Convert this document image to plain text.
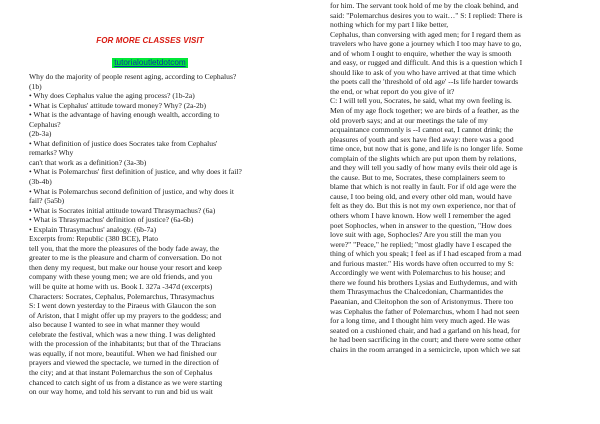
FOR MORE CLASSES VISIT
tutorialoutletdotcom
Why do the majority of people resent aging, according to Cephalus?
(1b)
• Why does Cephalus value the aging process? (1b-2a)
• What is Cephalus' attitude toward money? Why? (2a-2b)
• What is the advantage of having enough wealth, according to
Cephalus?
(2b-3a)
• What definition of justice does Socrates take from Cephalus'
remarks? Why
can't that work as a definition? (3a-3b)
• What is Polemarchus' first definition of justice, and why does it fail?
(3b-4b)
• What is Polemarchus second definition of justice, and why does it
fail? (5a5b)
• What is Socrates initial attitude toward Thrasymachus? (6a)
• What is Thrasymachus' definition of justice? (6a-6b)
• Explain Thrasymachus' analogy. (6b-7a)
Excerpts from: Republic (380 BCE), Plato
tell you, that the more the pleasures of the body fade away, the
greater to me is the pleasure and charm of conversation. Do not
then deny my request, but make our house your resort and keep
company with these young men; we are old friends, and you
will be quite at home with us. Book I. 327a -347d (excerpts)
Characters: Socrates, Cephalus, Polemarchus, Thrasymachus
S: I went down yesterday to the Piraeus with Glaucon the son
of Ariston, that I might offer up my prayers to the goddess; and
also because I wanted to see in what manner they would
celebrate the festival, which was a new thing. I was delighted
with the procession of the inhabitants; but that of the Thracians
was equally, if not more, beautiful. When we had finished our
prayers and viewed the spectacle, we turned in the direction of
the city; and at that instant Polemarchus the son of Cephalus
chanced to catch sight of us from a distance as we were starting
on our way home, and told his servant to run and bid us wait
for him. The servant took hold of me by the cloak behind, and
said: "Polemarchus desires you to wait…" S: I replied: There is
nothing which for my part I like better,
Cephalus, than conversing with aged men; for I regard them as
travelers who have gone a journey which I too may have to go,
and of whom I ought to enquire, whether the way is smooth
and easy, or rugged and difficult. And this is a question which I
should like to ask of you who have arrived at that time which
the poets call the 'threshold of old age' --Is life harder towards
the end, or what report do you give of it?
C: I will tell you, Socrates, he said, what my own feeling is.
Men of my age flock together; we are birds of a feather, as the
old proverb says; and at our meetings the tale of my
acquaintance commonly is --I cannot eat, I cannot drink; the
pleasures of youth and sex have fled away: there was a good
time once, but now that is gone, and life is no longer life. Some
complain of the slights which are put upon them by relations,
and they will tell you sadly of how many evils their old age is
the cause. But to me, Socrates, these complainers seem to
blame that which is not really in fault. For if old age were the
cause, I too being old, and every other old man, would have
felt as they do. But this is not my own experience, nor that of
others whom I have known. How well I remember the aged
poet Sophocles, when in answer to the question, "How does
love suit with age, Sophocles? Are you still the man you
were?" "Peace," he replied; "most gladly have I escaped the
thing of which you speak; I feel as if I had escaped from a mad
and furious master." His words have often occurred to my S:
Accordingly we went with Polemarchus to his house; and
there we found his brothers Lysias and Euthydemus, and with
them Thrasymachus the Chalcedonian, Charmantides the
Paeanian, and Cleitophon the son of Aristonymus. There too
was Cephalus the father of Polemarchus, whom I had not seen
for a long time, and I thought him very much aged. He was
seated on a cushioned chair, and had a garland on his head, for
he had been sacrificing in the court; and there were some other
chairs in the room arranged in a semicircle, upon which we sat
